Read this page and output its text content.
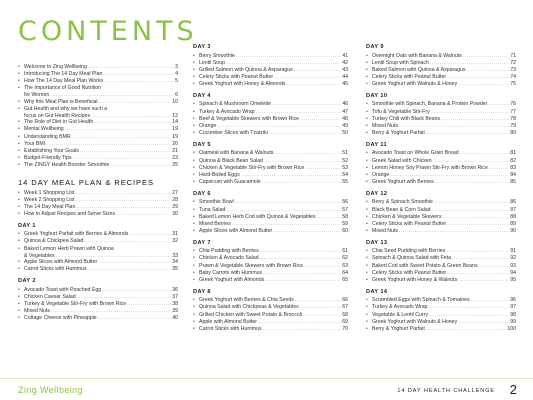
CONTENTS
• Welcome to Zing Wellbeing .....	3
• Introducing The 14 Day Meal Plan .....	4
• How The 14 Day Meal Plan Works .....	5
• The Importance of Good Nutrition
for Women .....	6
• Why this Meal Plan is Beneficial .....	10
• Gut Health and why we have such a
focus on Gut Health Recipes .....	12
• The Role of Diet in Gut Health .....	14
• Mental Wellbeing .....	19
• Understanding BMR .....	19
• Your BMI .....	20
• Establishing Your Goals .....	21
• Budget-Friendly Tips .....	23
• The ZINGY Health Booster Smoothie .....	25
14 DAY MEAL PLAN & RECIPES
• Week 1 Shopping List .....	27
• Week 2 Shopping List .....	28
• The 14 Day Meal Plan .....	29
• How to Adjust Recipes and Serve Sizes .....	30
DAY 1
• Greek Yoghurt Parfait with Berries & Almonds .....	31
• Quinoa & Chickpea Salad .....	32
• Baked Lemon Herb Prawn with Quinoa
& Vegetables .....	33
• Apple Slices with Almond Butter .....	34
• Carrot Sticks with Hummus .....	35
DAY 2
• Avocado Toast with Poached Egg .....	36
• Chicken Caesar Salad .....	37
• Turkey & Vegetable Stir-Fry with Brown Rice .....	38
• Mixed Nuts .....	39
• Cottage Cheese with Pineapple .....	40
DAY 3
• Berry Smoothie .....	41
• Lentil Soup .....	42
• Grilled Salmon with Quinoa & Asparagus .....	43
• Celery Sticks with Peanut Butter .....	44
• Greek Yoghurt with Honey & Almonds .....	45
DAY 4
• Spinach & Mushroom Omelette .....	46
• Turkey & Avocado Wrap .....	47
• Beef & Vegetable Skewers with Brown Rice .....	48
• Orange .....	49
• Cucumber Slices with Tzatziki .....	50
DAY 5
• Oatmeal with Banana & Walnuts .....	51
• Quinoa & Black Bean Salad .....	52
• Chicken & Vegetable Stir-Fry with Brown Rice .....	53
• Hard-Boiled Eggs .....	54
• Capsicum with Guacamole .....	55
DAY 6
• Smoothie Bowl .....	56
• Tuna Salad .....	57
• Baked Lemon Herb Cod with Quinoa & Vegetables .....	58
• Mixed Berries .....	59
• Apple Slices with Almond Butter .....	60
DAY 7
• Chia Pudding with Berries .....	61
• Chicken & Avocado Salad .....	62
• Prawn & Vegetable Skewers with Brown Rice .....	63
• Baby Carrots with Hummus .....	64
• Greek Yoghurt with Almonds .....	65
DAY 8
• Greek Yoghurt with Berries & Chia Seeds .....	66
• Quinoa Salad with Chickpeas & Vegetables .....	67
• Grilled Chicken with Sweet Potato & Broccoli .....	68
• Apple with Almond Butter .....	69
• Carrot Sticks with Hummus .....	70
DAY 9
• Overnight Oats with Banana & Walnuts .....	71
• Lentil Soup with Spinach .....	72
• Baked Salmon with Quinoa & Asparagus .....	73
• Celery Sticks with Peanut Butter .....	74
• Greek Yoghurt with Walnuts & Honey .....	75
DAY 10
• Smoothie with Spinach, Banana & Protein Powder .....	76
• Tofu & Vegetable Stir-Fry .....	77
• Turkey Chili with Black Beans .....	78
• Mixed Nuts .....	79
• Berry & Yoghurt Parfait .....	80
DAY 11
• Avocado Toast on Whole Grain Bread .....	81
• Greek Salad with Chicken .....	82
• Lemon Honey Soy Prawn Stir-Fry with Brown Rice .....	83
• Orange .....	84
• Greek Yoghurt with Berries .....	85
DAY 12
• Berry & Spinach Smoothie .....	86
• Black Bean & Corn Salad .....	87
• Chicken & Vegetable Skewers .....	88
• Celery Sticks with Peanut Butter .....	89
• Mixed Nuts .....	90
DAY 13
• Chia Seed Pudding with Berries .....	91
• Spinach & Quinoa Salad with Feta .....	92
• Baked Cod with Sweet Potato & Green Beans .....	93
• Celery Sticks with Peanut Butter .....	94
• Greek Yoghurt with Honey & Walnuts .....	95
DAY 14
• Scrambled Eggs with Spinach & Tomatoes .....	96
• Turkey & Avocado Wrap .....	97
• Vegetable & Lentil Curry .....	98
• Greek Yoghurt with Walnuts & Honey .....	99
• Berry & Yoghurt Parfait .....	100
Zing Wellbeing	14 DAY HEALTH CHALLENGE 2
